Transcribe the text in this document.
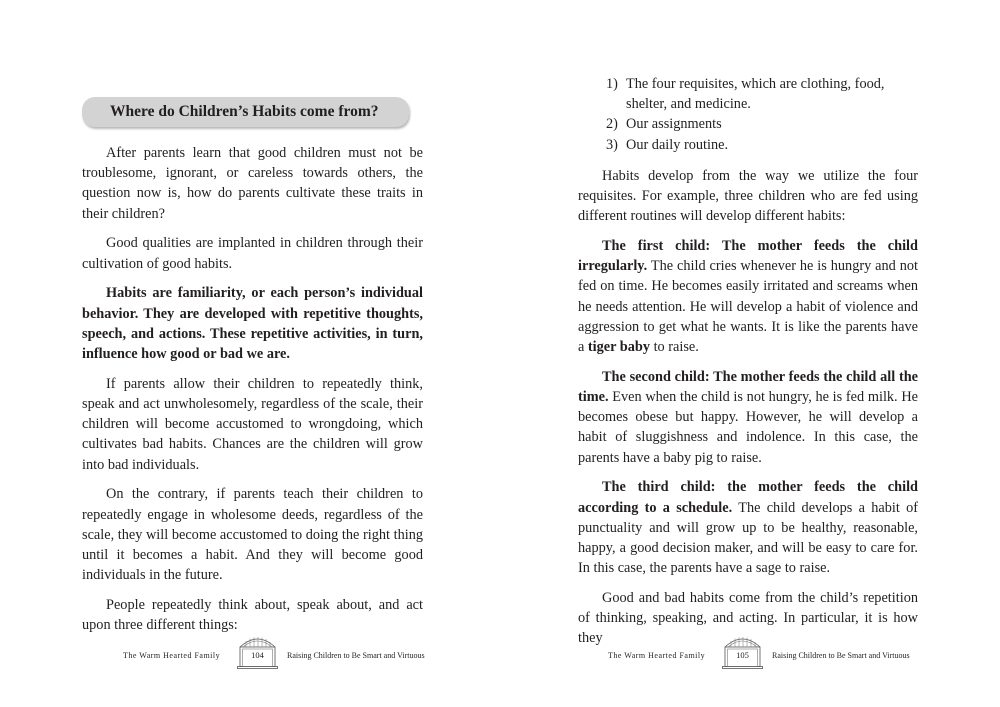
Where do Children’s Habits come from?

After parents learn that good children must not be troublesome, ignorant, or careless towards others, the question now is, how do parents cultivate these traits in their children?

Good qualities are implanted in children through their cultivation of good habits.

Habits are familiarity, or each person’s individual behavior. They are developed with repetitive thoughts, speech, and actions. These repetitive activities, in turn, influence how good or bad we are.

If parents allow their children to repeatedly think, speak and act unwholesomely, regardless of the scale, their children will become accustomed to wrongdoing, which cultivates bad habits. Chances are the children will grow into bad individuals.

On the contrary, if parents teach their children to repeatedly engage in wholesome deeds, regardless of the scale, they will become accustomed to doing the right thing until it becomes a habit. And they will become good individuals in the future.

People repeatedly think about, speak about, and act upon three different things:

The Warm Hearted Family	104	Raising Children to Be Smart and Virtuous
1) The four requisites, which are clothing, food, shelter, and medicine.
2) Our assignments
3) Our daily routine.

Habits develop from the way we utilize the four requisites. For example, three children who are fed using different routines will develop different habits:

The first child: The mother feeds the child irregularly. The child cries whenever he is hungry and not fed on time. He becomes easily irritated and screams when he needs attention. He will develop a habit of violence and aggression to get what he wants. It is like the parents have a tiger baby to raise.

The second child: The mother feeds the child all the time. Even when the child is not hungry, he is fed milk. He becomes obese but happy. However, he will develop a habit of sluggishness and indolence. In this case, the parents have a baby pig to raise.

The third child: the mother feeds the child according to a schedule. The child develops a habit of punctuality and will grow up to be healthy, reasonable, happy, a good decision maker, and will be easy to care for. In this case, the parents have a sage to raise.

Good and bad habits come from the child’s repetition of thinking, speaking, and acting. In particular, it is how they

The Warm Hearted Family	105	Raising Children to Be Smart and Virtuous
